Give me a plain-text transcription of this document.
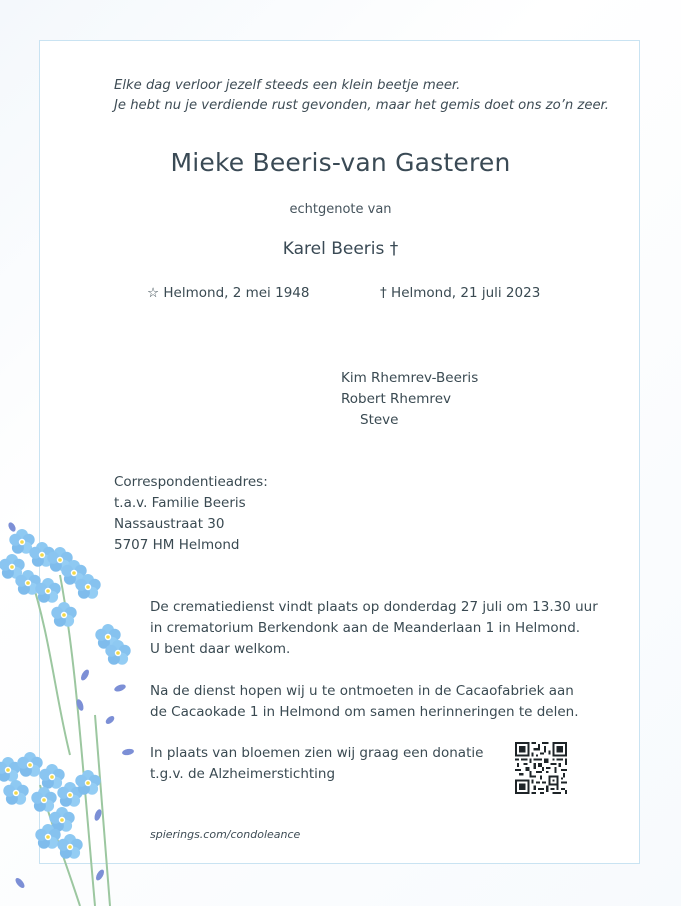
Elke dag verloor jezelf steeds een klein beetje meer.
Je hebt nu je verdiende rust gevonden, maar het gemis doet ons zo’n zeer.
Mieke Beeris-van Gasteren
echtgenote van
Karel Beeris †
☆ Helmond, 2 mei 1948	† Helmond, 21 juli 2023
Kim Rhemrev-Beeris
Robert Rhemrev
Steve
Correspondentieadres:
t.a.v. Familie Beeris
Nassaustraat 30
5707 HM Helmond
De crematiedienst vindt plaats op donderdag 27 juli om 13.30 uur
in crematorium Berkendonk aan de Meanderlaan 1 in Helmond.
U bent daar welkom.
Na de dienst hopen wij u te ontmoeten in de Cacaofabriek aan
de Cacaokade 1 in Helmond om samen herinneringen te delen.
In plaats van bloemen zien wij graag een donatie
t.g.v. de Alzheimerstichting
spierings.com/condoleance
